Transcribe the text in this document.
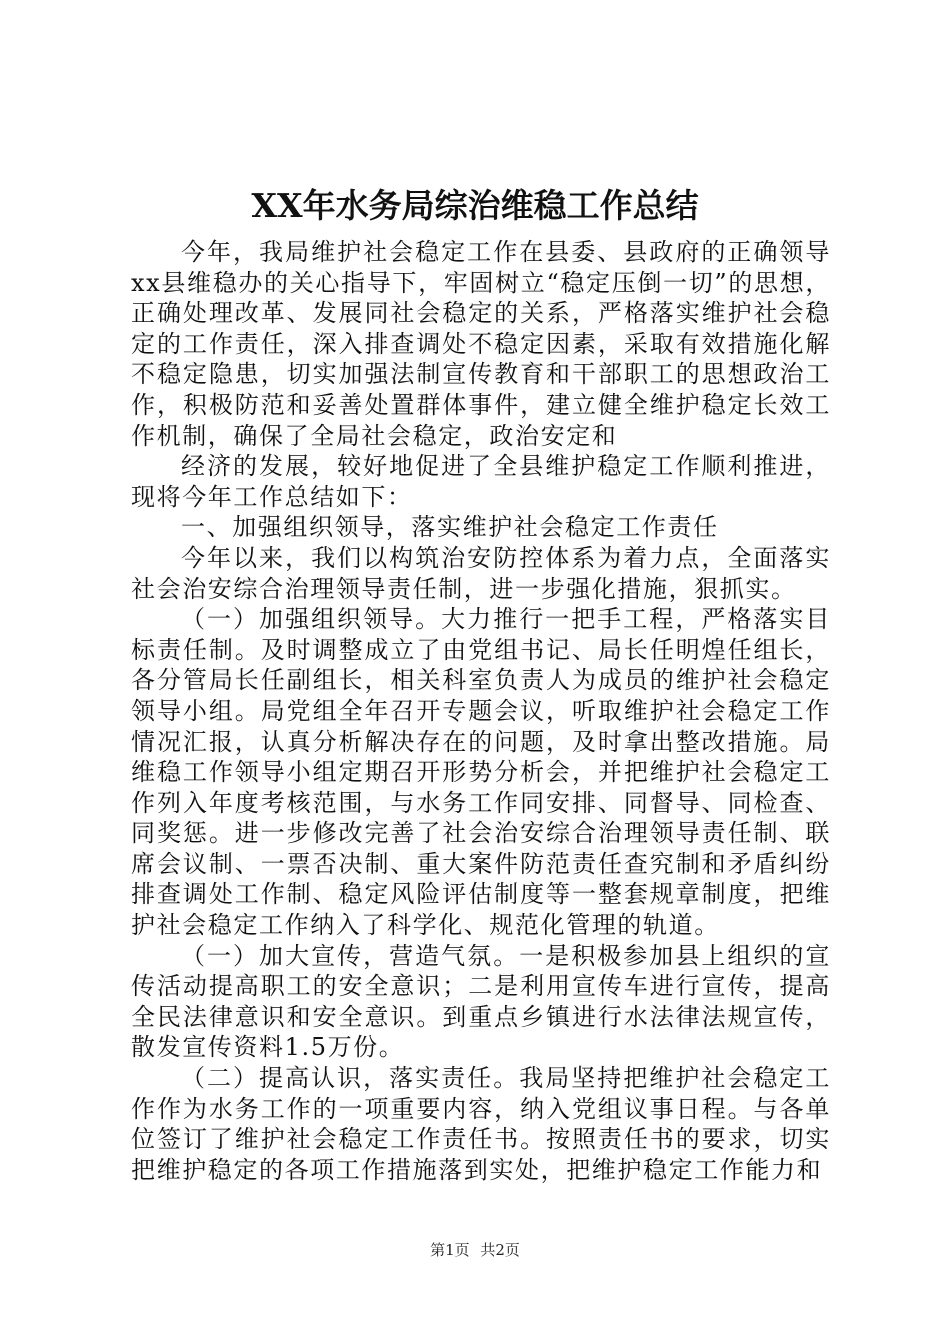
XX年水务局综治维稳工作总结

今年，我局维护社会稳定工作在县委、县政府的正确领导xx县维稳办的关心指导下，牢固树立“稳定压倒一切”的思想，正确处理改革、发展同社会稳定的关系，严格落实维护社会稳定的工作责任，深入排查调处不稳定因素，采取有效措施化解不稳定隐患，切实加强法制宣传教育和干部职工的思想政治工作，积极防范和妥善处置群体事件，建立健全维护稳定长效工作机制，确保了全局社会稳定，政治安定和

经济的发展，较好地促进了全县维护稳定工作顺利推进，现将今年工作总结如下：

一、加强组织领导，落实维护社会稳定工作责任

今年以来，我们以构筑治安防控体系为着力点，全面落实社会治安综合治理领导责任制，进一步强化措施，狠抓实。

（一）加强组织领导。大力推行一把手工程，严格落实目标责任制。及时调整成立了由党组书记、局长任明煌任组长，各分管局长任副组长，相关科室负责人为成员的维护社会稳定领导小组。局党组全年召开专题会议，听取维护社会稳定工作情况汇报，认真分析解决存在的问题，及时拿出整改措施。局维稳工作领导小组定期召开形势分析会，并把维护社会稳定工作列入年度考核范围，与水务工作同安排、同督导、同检查、同奖惩。进一步修改完善了社会治安综合治理领导责任制、联席会议制、一票否决制、重大案件防范责任查究制和矛盾纠纷排查调处工作制、稳定风险评估制度等一整套规章制度，把维护社会稳定工作纳入了科学化、规范化管理的轨道。

（一）加大宣传，营造气氛。一是积极参加县上组织的宣传活动提高职工的安全意识；二是利用宣传车进行宣传，提高全民法律意识和安全意识。到重点乡镇进行水法律法规宣传，散发宣传资料1.5万份。

（二）提高认识，落实责任。我局坚持把维护社会稳定工作作为水务工作的一项重要内容，纳入党组议事日程。与各单位签订了维护社会稳定工作责任书。按照责任书的要求，切实把维护稳定的各项工作措施落到实处，把维护稳定工作能力和

第1页 共2页
